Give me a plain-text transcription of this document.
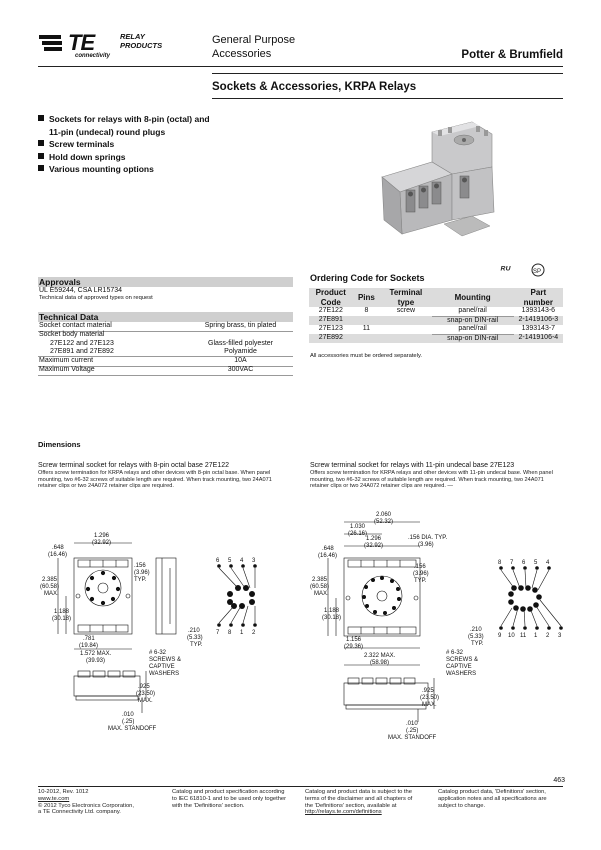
TE
connectivity
RELAY
PRODUCTS	General Purpose
Accessories	Potter & Brumfield
Sockets & Accessories, KRPA Relays
Sockets for relays with 8-pin (octal) and
11-pin (undecal) round plugs
Screw terminals
Hold down springs
Various mounting options
Approvals
UL E59244, CSA LR15734
Technical data of approved types on request
Technical Data
Socket contact material	Spring brass, tin plated
Socket body material
27E122 and 27E123	Glass-filled polyester
27E891 and 27E892	Polyamide
Maximum current	10A
Maximum Voltage	300VAC
Ordering Code for Sockets
ᴿᵁ	SP
Product Code	Pins	Terminal type	Mounting	Part number
27E122	8	screw	panel/rail	1393143-6
27E891			snap-on DIN-rail	2-1419106-3
27E123	11		panel/rail	1393143-7
27E892			snap-on DIN-rail	2-1419106-4
All accessories must be ordered separately.
Dimensions
Screw terminal socket for relays with 8-pin octal base 27E122
Offers screw termination for KRPA relays and other devices with 8-pin octal base. When panel mounting, two #6-32 screws of suitable length are required. When track mounting, two 24A071 retainer clips or two 24A072 retainer clips are required.
Screw terminal socket for relays with 11-pin undecal base 27E123
Offers screw termination for KRPA relays and other devices with 11-pin undecal base. When panel mounting, two #6-32 screws of suitable length are required. When track mounting, two 24A071 retainer clips or two 24A072 retainer clips are required. —
6 5 4 3
7 8 1 2
1.296
(32.92)
.648
(16.46)
.156
(3.96)
TYP.
2.385
(60.58)
MAX.
1.188
(30.18)
.781
(19.84)
1.572 MAX.
(39.93)
.210
(5.33)
TYP.
# 6-32
SCREWS &
CAPTIVE
WASHERS
.925
(23.50)
MAX.
.010
(.25)
MAX. STANDOFF
8 7 6 5 4
9 10 11 1 2 3
2.060
(52.32)
1.030
(26.16)
1.296
(32.92)
.648
(16.46)
.156 DIA. TYP.
(3.96)
.156
(3.96)
TYP.
2.385
(60.58)
MAX.
1.188
(30.18)
1.156
(29.36)
2.322 MAX.
(58.98)
.210
(5.33)
TYP.
# 6-32
SCREWS &
CAPTIVE
WASHERS
.925
(23.50)
MAX.
.010
(.25)
MAX. STANDOFF
463
10-2012, Rev. 1012
www.te.com
© 2012 Tyco Electronics Corporation,
a TE Connectivity Ltd. company.
Catalog and product specification according
to IEC 61810-1 and to be used only together
with the 'Definitions' section.
Catalog and product data is subject to the
terms of the disclaimer and all chapters of
the 'Definitions' section, available at
http://relays.te.com/definitions
Catalog product data, 'Definitions' section,
application notes and all specifications are
subject to change.
